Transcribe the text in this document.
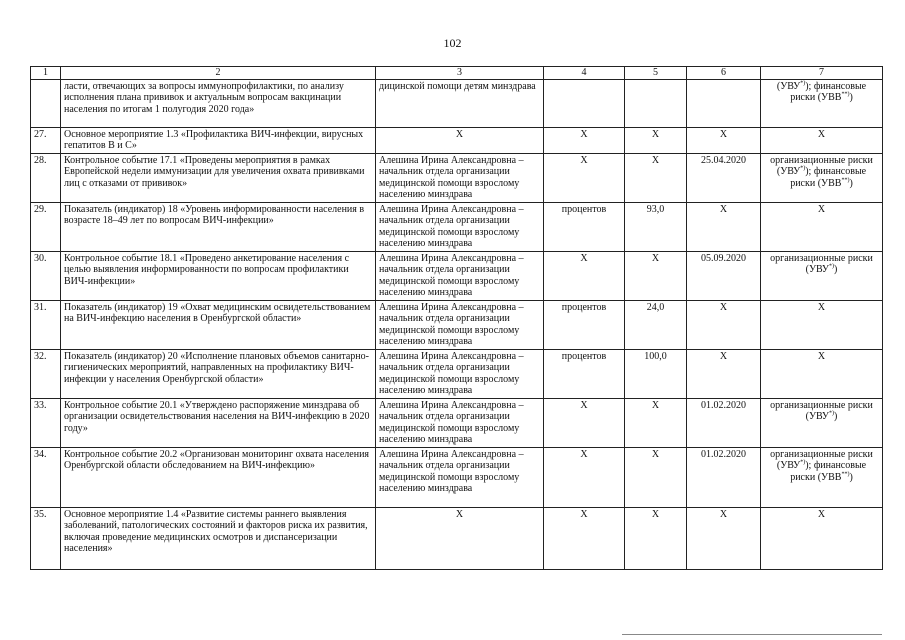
102
1	2	3	4	5	6	7
	ласти, отвечающих за вопросы иммунопрофилактики, по анализу исполнения плана прививок и актуальным вопросам вакцинации населения по итогам 1 полугодия 2020 года»	дицинской помощи детям минздрава				(УВУ*)); финансовые риски (УВВ**))
27.	Основное мероприятие 1.3 «Профилактика ВИЧ-инфекции, вирусных гепатитов В и С»	X	X	X	X	X
28.	Контрольное событие 17.1 «Проведены мероприятия в рамках Европейской недели иммунизации для увеличения охвата прививками лиц с отказами от прививок»	Алешина Ирина Александровна – начальник отдела организации медицинской помощи взрослому населению минздрава	X	X	25.04.2020	организационные риски (УВУ*)); финансовые риски (УВВ**))
29.	Показатель (индикатор) 18 «Уровень информированности населения в возрасте 18–49 лет по вопросам ВИЧ-инфекции»	Алешина Ирина Александровна – начальник отдела организации медицинской помощи взрослому населению минздрава	процентов	93,0	X	X
30.	Контрольное событие 18.1 «Проведено анкетирование населения с целью выявления информированности по вопросам профилактики ВИЧ-инфекции»	Алешина Ирина Александровна – начальник отдела организации медицинской помощи взрослому населению минздрава	X	X	05.09.2020	организационные риски (УВУ*))
31.	Показатель (индикатор) 19 «Охват медицинским освидетельствованием на ВИЧ-инфекцию населения в Оренбургской области»	Алешина Ирина Александровна – начальник отдела организации медицинской помощи взрослому населению минздрава	процентов	24,0	X	X
32.	Показатель (индикатор) 20 «Исполнение плановых объемов санитарно-гигиенических мероприятий, направленных на профилактику ВИЧ-инфекции у населения Оренбургской области»	Алешина Ирина Александровна – начальник отдела организации медицинской помощи взрослому населению минздрава	процентов	100,0	X	X
33.	Контрольное событие 20.1 «Утверждено распоряжение минздрава об организации освидетельствования населения на ВИЧ-инфекцию в 2020 году»	Алешина Ирина Александровна – начальник отдела организации медицинской помощи взрослому населению минздрава	X	X	01.02.2020	организационные риски (УВУ*))
34.	Контрольное событие 20.2 «Организован мониторинг охвата населения Оренбургской области обследованием на ВИЧ-инфекцию»	Алешина Ирина Александровна – начальник отдела организации медицинской помощи взрослому населению минздрава	X	X	01.02.2020	организационные риски (УВУ*)); финансовые риски (УВВ**))
35.	Основное мероприятие 1.4 «Развитие системы раннего выявления заболеваний, патологических состояний и факторов риска их развития, включая проведение медицинских осмотров и диспансеризации населения»	X	X	X	X	X
